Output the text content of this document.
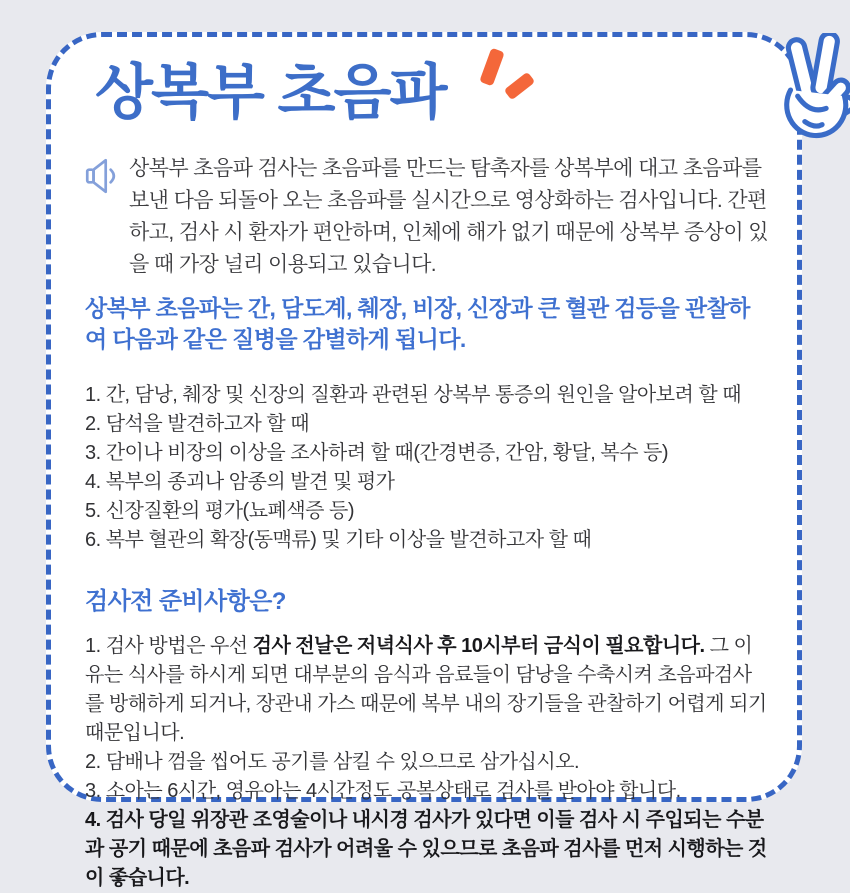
상복부 초음파
상복부 초음파 검사는 초음파를 만드는 탐촉자를 상복부에 대고 초음파를 보낸 다음 되돌아 오는 초음파를 실시간으로 영상화하는 검사입니다. 간편하고, 검사 시 환자가 편안하며, 인체에 해가 없기 때문에 상복부 증상이 있을 때 가장 널리 이용되고 있습니다.
상복부 초음파는 간, 담도계, 췌장, 비장, 신장과 큰 혈관 검등을 관찰하여 다음과 같은 질병을 감별하게 됩니다.
1. 간, 담낭, 췌장 및 신장의 질환과 관련된 상복부 통증의 원인을 알아보려 할 때
2. 담석을 발견하고자 할 때
3. 간이나 비장의 이상을 조사하려 할 때(간경변증, 간암, 황달, 복수 등)
4. 복부의 종괴나 암종의 발견 및 평가
5. 신장질환의 평가(뇨폐색증 등)
6. 복부 혈관의 확장(동맥류) 및 기타 이상을 발견하고자 할 때
검사전 준비사항은?
1. 검사 방법은 우선 검사 전날은 저녁식사 후 10시부터 금식이 필요합니다. 그 이유는 식사를 하시게 되면 대부분의 음식과 음료들이 담낭을 수축시켜 초음파검사를 방해하게 되거나, 장관내 가스 때문에 복부 내의 장기들을 관찰하기 어렵게 되기 때문입니다.
2. 담배나 껌을 씹어도 공기를 삼킬 수 있으므로 삼가십시오.
3. 소아는 6시간, 영유아는 4시간정도 공복상태로 검사를 받아야 합니다.
4. 검사 당일 위장관 조영술이나 내시경 검사가 있다면 이들 검사 시 주입되는 수분과 공기 때문에 초음파 검사가 어려울 수 있으므로 초음파 검사를 먼저 시행하는 것이 좋습니다.
